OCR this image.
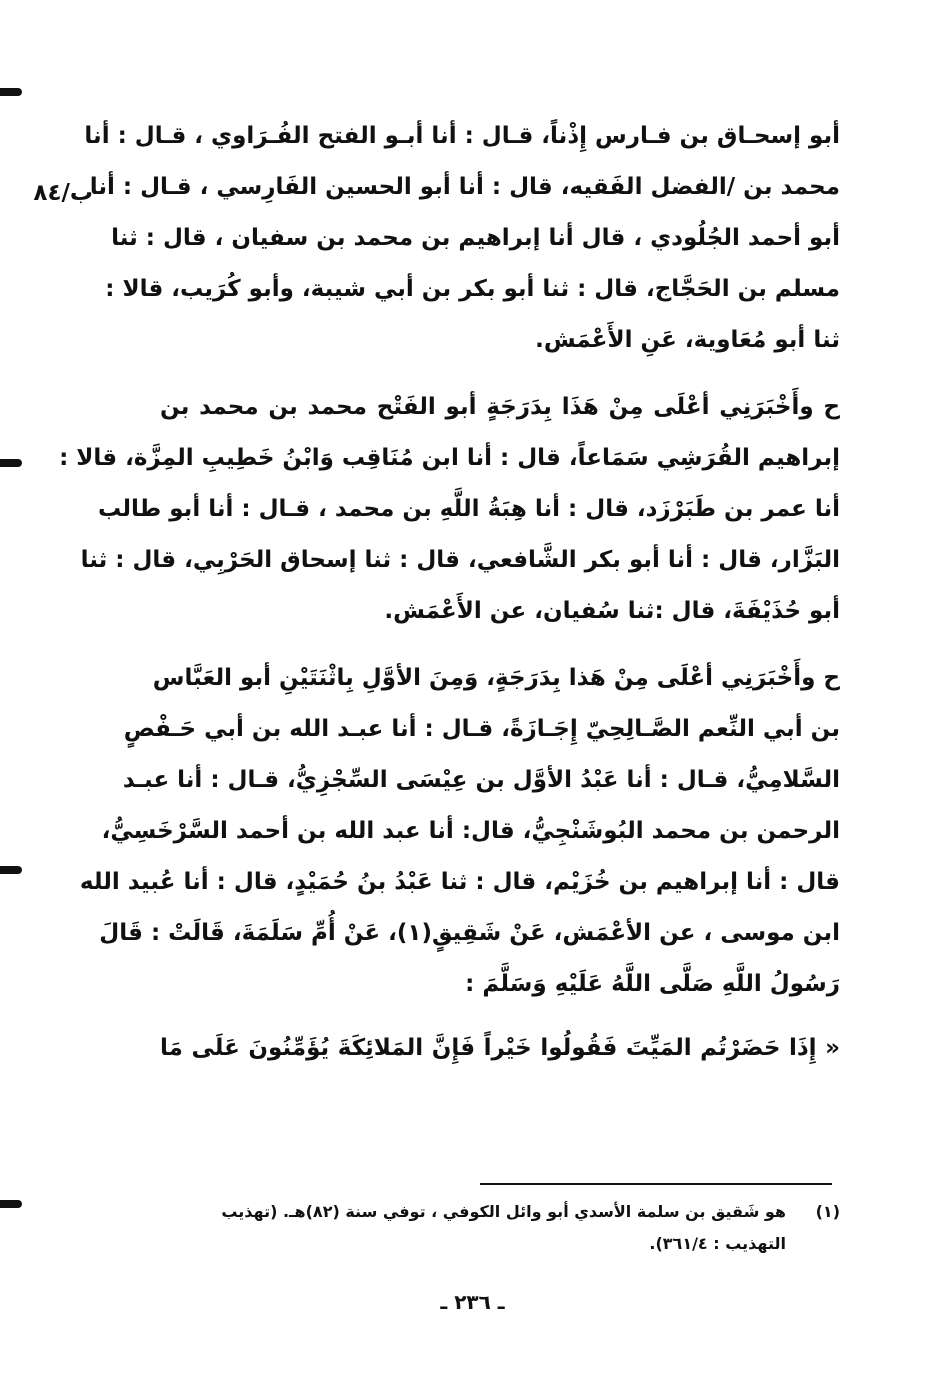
ب/٨٤
أبو إسحـاق بن فـارس إِذْناً، قـال : أنا أبـو الفتح الفُـرَاوي ، قـال : أنا
محمد بن /الفضل الفَقيه، قال : أنا أبو الحسين الفَارِسي ، قـال : أنا
أبو أحمد الجُلُودي ، قال أنا إبراهيم بن محمد بن سفيان ، قال : ثنا
مسلم بن الحَجَّاج، قال : ثنا أبو بكر بن أبي شيبة، وأبو كُرَيب، قالا :
ثنا أبو مُعَاوية، عَنِ الأَعْمَش.
ح وأَخْبَرَنِي أعْلَى مِنْ هَذَا بِدَرَجَةٍ أبو الفَتْح محمد بن محمد بن
إبراهيم القُرَشِي سَمَاعاً، قال : أنا ابن مُنَاقِب وَابْنُ خَطِيبِ المِزَّة، قالا :
أنا عمر بن طَبَرْزَد، قال : أنا هِبَةُ اللَّهِ بن محمد ، قـال : أنا أبو طالب
البَزَّار، قال : أنا أبو بكر الشَّافعي، قال : ثنا إسحاق الحَرْبِي، قال : ثنا
أبو حُذَيْفَةَ، قال :ثنا سُفيان، عن الأَعْمَش.
ح وأَخْبَرَنِي أعْلَى مِنْ هَذا بِدَرَجَةٍ، وَمِنَ الأوَّلِ بِاثْنَتَيْنِ أبو العَبَّاس
بن أبي النِّعم الصَّـالِحِيّ إِجَـازَةً، قـال : أنا عبـد الله بن أبي حَـفْصٍ
السَّلامِيُّ، قـال : أنا عَبْدُ الأوَّل بن عِيْسَى السِّجْزِيُّ، قـال : أنا عبـد
الرحمن بن محمد البُوشَنْجِيُّ، قال: أنا عبد الله بن أحمد السَّرْخَسِيُّ،
قال : أنا إبراهيم بن خُزَيْم، قال : ثنا عَبْدُ بنُ حُمَيْدٍ، قال : أنا عُبيد الله
ابن موسى ، عن الأعْمَش، عَنْ شَقِيقٍ(١)، عَنْ أُمِّ سَلَمَةَ، قَالَتْ : قَالَ
رَسُولُ اللَّهِ صَلَّى اللَّهُ عَلَيْهِ وَسَلَّمَ :
« إِذَا حَضَرْتُم المَيِّتَ فَقُولُوا خَيْراً فَإِنَّ المَلائِكَةَ يُؤَمِّنُونَ عَلَى مَا
(١)
هو شَقيق بن سلمة الأسدي أبو وائل الكوفي ، توفي سنة (٨٢)هـ. (تهذيب التهذيب : ٣٦١/٤).
ـ ٢٣٦ ـ
